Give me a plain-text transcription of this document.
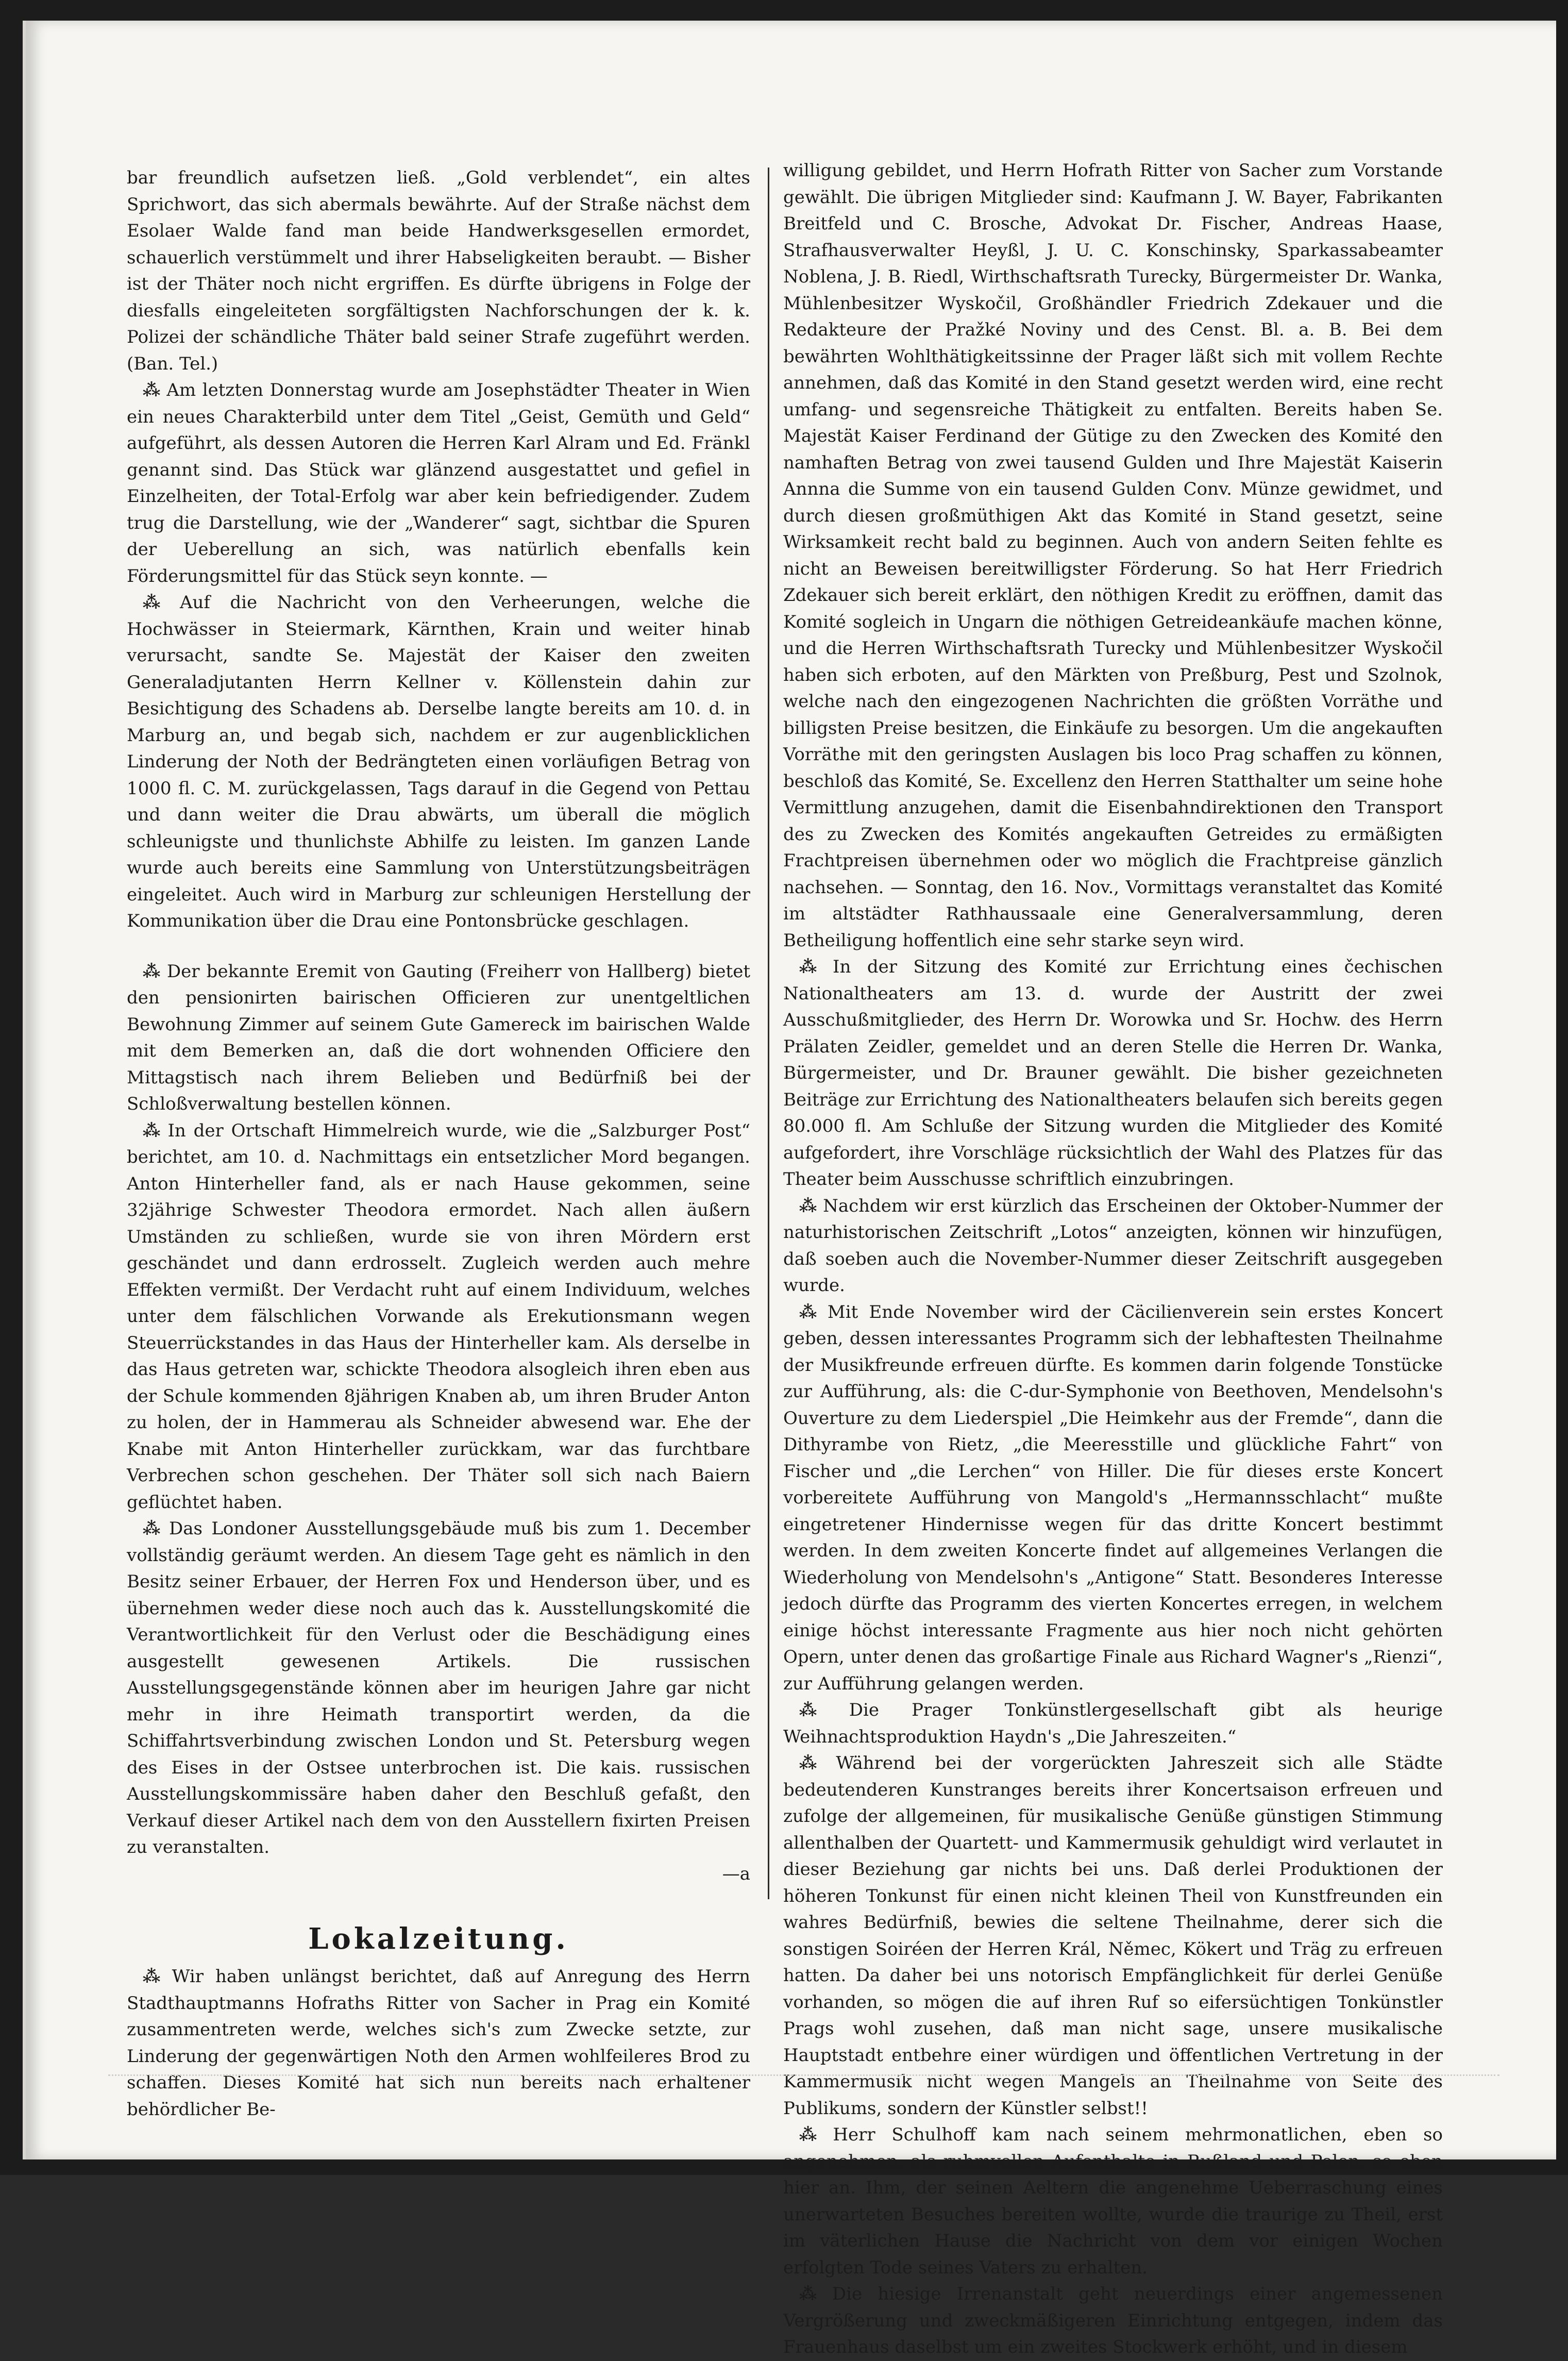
bar freundlich aufsetzen ließ. „Gold verblendet“, ein altes Sprichwort, das sich abermals bewährte. Auf der Straße nächst dem Esolaer Walde fand man beide Handwerksgesellen ermordet, schauerlich verstümmelt und ihrer Habseligkeiten beraubt. — Bisher ist der Thäter noch nicht ergriffen. Es dürfte übrigens in Folge der diesfalls eingeleiteten sorgfältigsten Nachforschungen der k. k. Polizei der schändliche Thäter bald seiner Strafe zugeführt werden. (Ban. Tel.)

⁂ Am letzten Donnerstag wurde am Josephstädter Theater in Wien ein neues Charakterbild unter dem Titel „Geist, Gemüth und Geld“ aufgeführt, als dessen Autoren die Herren Karl Alram und Ed. Fränkl genannt sind. Das Stück war glänzend ausgestattet und gefiel in Einzelheiten, der Total-Erfolg war aber kein befriedigender. Zudem trug die Darstellung, wie der „Wanderer“ sagt, sichtbar die Spuren der Ueberellung an sich, was natürlich ebenfalls kein Förderungsmittel für das Stück seyn konnte. —

⁂ Auf die Nachricht von den Verheerungen, welche die Hochwässer in Steiermark, Kärnthen, Krain und weiter hinab verursacht, sandte Se. Majestät der Kaiser den zweiten Generaladjutanten Herrn Kellner v. Köllenstein dahin zur Besichtigung des Schadens ab. Derselbe langte bereits am 10. d. in Marburg an, und begab sich, nachdem er zur augenblicklichen Linderung der Noth der Bedrängteten einen vorläufigen Betrag von 1000 fl. C. M. zurückgelassen, Tags darauf in die Gegend von Pettau und dann weiter die Drau abwärts, um überall die möglich schleunigste und thunlichste Abhilfe zu leisten. Im ganzen Lande wurde auch bereits eine Sammlung von Unterstützungsbeiträgen eingeleitet. Auch wird in Marburg zur schleunigen Herstellung der Kommunikation über die Drau eine Pontonsbrücke geschlagen.

⁂ Der bekannte Eremit von Gauting (Freiherr von Hallberg) bietet den pensionirten bairischen Officieren zur unentgeltlichen Bewohnung Zimmer auf seinem Gute Gamereck im bairischen Walde mit dem Bemerken an, daß die dort wohnenden Officiere den Mittagstisch nach ihrem Belieben und Bedürfniß bei der Schloßverwaltung bestellen können.

⁂ In der Ortschaft Himmelreich wurde, wie die „Salzburger Post“ berichtet, am 10. d. Nachmittags ein entsetzlicher Mord begangen. Anton Hinterheller fand, als er nach Hause gekommen, seine 32jährige Schwester Theodora ermordet. Nach allen äußern Umständen zu schließen, wurde sie von ihren Mördern erst geschändet und dann erdrosselt. Zugleich werden auch mehre Effekten vermißt. Der Verdacht ruht auf einem Individuum, welches unter dem fälschlichen Vorwande als Erekutionsmann wegen Steuerrückstandes in das Haus der Hinterheller kam. Als derselbe in das Haus getreten war, schickte Theodora alsogleich ihren eben aus der Schule kommenden 8jährigen Knaben ab, um ihren Bruder Anton zu holen, der in Hammerau als Schneider abwesend war. Ehe der Knabe mit Anton Hinterheller zurückkam, war das furchtbare Verbrechen schon geschehen. Der Thäter soll sich nach Baiern geflüchtet haben.

⁂ Das Londoner Ausstellungsgebäude muß bis zum 1. December vollständig geräumt werden. An diesem Tage geht es nämlich in den Besitz seiner Erbauer, der Herren Fox und Henderson über, und es übernehmen weder diese noch auch das k. Ausstellungskomité die Verantwortlichkeit für den Verlust oder die Beschädigung eines ausgestellt gewesenen Artikels. Die russischen Ausstellungsgegenstände können aber im heurigen Jahre gar nicht mehr in ihre Heimath transportirt werden, da die Schiffahrtsverbindung zwischen London und St. Petersburg wegen des Eises in der Ostsee unterbrochen ist. Die kais. russischen Ausstellungskommissäre haben daher den Beschluß gefaßt, den Verkauf dieser Artikel nach dem von den Ausstellern fixirten Preisen zu veranstalten.

—a

Lokalzeitung.

⁂ Wir haben unlängst berichtet, daß auf Anregung des Herrn Stadthauptmanns Hofraths Ritter von Sacher in Prag ein Komité zusammentreten werde, welches sich's zum Zwecke setzte, zur Linderung der gegenwärtigen Noth den Armen wohlfeileres Brod zu schaffen. Dieses Komité hat sich nun bereits nach erhaltener behördlicher Be-

willigung gebildet, und Herrn Hofrath Ritter von Sacher zum Vorstande gewählt. Die übrigen Mitglieder sind: Kaufmann J. W. Bayer, Fabrikanten Breitfeld und C. Brosche, Advokat Dr. Fischer, Andreas Haase, Strafhausverwalter Heyßl, J. U. C. Konschinsky, Sparkassabeamter Noblena, J. B. Riedl, Wirthschaftsrath Turecky, Bürgermeister Dr. Wanka, Mühlenbesitzer Wyskočil, Großhändler Friedrich Zdekauer und die Redakteure der Pražké Noviny und des Censt. Bl. a. B. Bei dem bewährten Wohlthätigkeitssinne der Prager läßt sich mit vollem Rechte annehmen, daß das Komité in den Stand gesetzt werden wird, eine recht umfang- und segensreiche Thätigkeit zu entfalten. Bereits haben Se. Majestät Kaiser Ferdinand der Gütige zu den Zwecken des Komité den namhaften Betrag von zwei tausend Gulden und Ihre Majestät Kaiserin Annna die Summe von ein tausend Gulden Conv. Münze gewidmet, und durch diesen großmüthigen Akt das Komité in Stand gesetzt, seine Wirksamkeit recht bald zu beginnen. Auch von andern Seiten fehlte es nicht an Beweisen bereitwilligster Förderung. So hat Herr Friedrich Zdekauer sich bereit erklärt, den nöthigen Kredit zu eröffnen, damit das Komité sogleich in Ungarn die nöthigen Getreideankäufe machen könne, und die Herren Wirthschaftsrath Turecky und Mühlenbesitzer Wyskočil haben sich erboten, auf den Märkten von Preßburg, Pest und Szolnok, welche nach den eingezogenen Nachrichten die größten Vorräthe und billigsten Preise besitzen, die Einkäufe zu besorgen. Um die angekauften Vorräthe mit den geringsten Auslagen bis loco Prag schaffen zu können, beschloß das Komité, Se. Excellenz den Herren Statthalter um seine hohe Vermittlung anzugehen, damit die Eisenbahndirektionen den Transport des zu Zwecken des Komités angekauften Getreides zu ermäßigten Frachtpreisen übernehmen oder wo möglich die Frachtpreise gänzlich nachsehen. — Sonntag, den 16. Nov., Vormittags veranstaltet das Komité im altstädter Rathhaussaale eine Generalversammlung, deren Betheiligung hoffentlich eine sehr starke seyn wird.

⁂ In der Sitzung des Komité zur Errichtung eines čechischen Nationaltheaters am 13. d. wurde der Austritt der zwei Ausschußmitglieder, des Herrn Dr. Worowka und Sr. Hochw. des Herrn Prälaten Zeidler, gemeldet und an deren Stelle die Herren Dr. Wanka, Bürgermeister, und Dr. Brauner gewählt. Die bisher gezeichneten Beiträge zur Errichtung des Nationaltheaters belaufen sich bereits gegen 80.000 fl. Am Schluße der Sitzung wurden die Mitglieder des Komité aufgefordert, ihre Vorschläge rücksichtlich der Wahl des Platzes für das Theater beim Ausschusse schriftlich einzubringen.

⁂ Nachdem wir erst kürzlich das Erscheinen der Oktober-Nummer der naturhistorischen Zeitschrift „Lotos“ anzeigten, können wir hinzufügen, daß soeben auch die November-Nummer dieser Zeitschrift ausgegeben wurde.

⁂ Mit Ende November wird der Cäcilienverein sein erstes Koncert geben, dessen interessantes Programm sich der lebhaftesten Theilnahme der Musikfreunde erfreuen dürfte. Es kommen darin folgende Tonstücke zur Aufführung, als: die C-dur-Symphonie von Beethoven, Mendelsohn's Ouverture zu dem Liederspiel „Die Heimkehr aus der Fremde“, dann die Dithyrambe von Rietz, „die Meeresstille und glückliche Fahrt“ von Fischer und „die Lerchen“ von Hiller. Die für dieses erste Koncert vorbereitete Aufführung von Mangold's „Hermannsschlacht“ mußte eingetretener Hindernisse wegen für das dritte Koncert bestimmt werden. In dem zweiten Koncerte findet auf allgemeines Verlangen die Wiederholung von Mendelsohn's „Antigone“ Statt. Besonderes Interesse jedoch dürfte das Programm des vierten Koncertes erregen, in welchem einige höchst interessante Fragmente aus hier noch nicht gehörten Opern, unter denen das großartige Finale aus Richard Wagner's „Rienzi“, zur Aufführung gelangen werden.

⁂ Die Prager Tonkünstlergesellschaft gibt als heurige Weihnachtsproduktion Haydn's „Die Jahreszeiten.“

⁂ Während bei der vorgerückten Jahreszeit sich alle Städte bedeutenderen Kunstranges bereits ihrer Koncertsaison erfreuen und zufolge der allgemeinen, für musikalische Genüße günstigen Stimmung allenthalben der Quartett- und Kammermusik gehuldigt wird verlautet in dieser Beziehung gar nichts bei uns. Daß derlei Produktionen der höheren Tonkunst für einen nicht kleinen Theil von Kunstfreunden ein wahres Bedürfniß, bewies die seltene Theilnahme, derer sich die sonstigen Soiréen der Herren Král, Němec, Kökert und Träg zu erfreuen hatten. Da daher bei uns notorisch Empfänglichkeit für derlei Genüße vorhanden, so mögen die auf ihren Ruf so eifersüchtigen Tonkünstler Prags wohl zusehen, daß man nicht sage, unsere musikalische Hauptstadt entbehre einer würdigen und öffentlichen Vertretung in der Kammermusik nicht wegen Mangels an Theilnahme von Seite des Publikums, sondern der Künstler selbst!!

⁂ Herr Schulhoff kam nach seinem mehrmonatlichen, eben so angenehmen, als ruhmvollen Aufenthalte in Rußland und Polen, so eben hier an. Ihm, der seinen Aeltern die angenehme Ueberraschung eines unerwarteten Besuches bereiten wollte, wurde die traurige zu Theil, erst im väterlichen Hause die Nachricht von dem vor einigen Wochen erfolgten Tode seines Vaters zu erhalten.

⁂ Die hiesige Irrenanstalt geht neuerdings einer angemessenen Vergrößerung und zweckmäßigeren Einrichtung entgegen, indem das Frauenhaus daselbst um ein zweites Stockwerk erhöht, und in diesem
